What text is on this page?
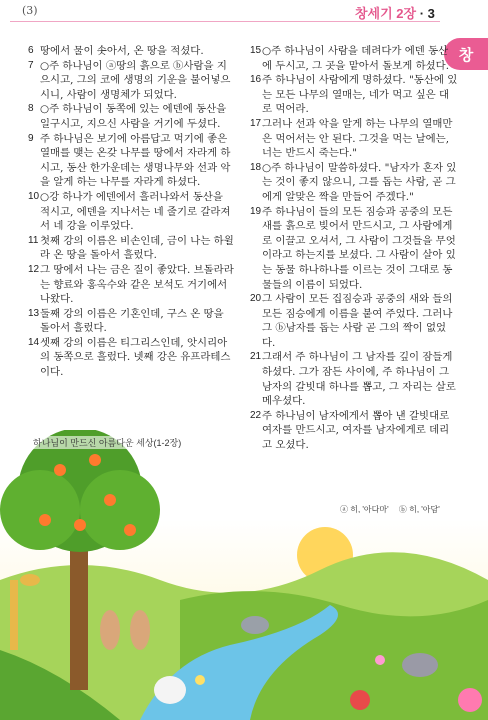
(3)	창세기 2장 · 3
창

6 땅에서 물이 솟아서, 온 땅을 적셨다.

7 ○주 하나님이 ⓐ땅의 흙으로 ⓑ사람을 지으시고, 그의 코에 생명의 기운을 불어넣으시니, 사람이 생명체가 되었다.

8 ○주 하나님이 동쪽에 있는 에덴에 동산을 일구시고, 지으신 사람을 거기에 두셨다.

9 주 하나님은 보기에 아름답고 먹기에 좋은 열매를 맺는 온갖 나무를 땅에서 자라게 하시고, 동산 한가운데는 생명나무와 선과 악을 알게 하는 나무를 자라게 하셨다.

10 ○강 하나가 에덴에서 흘러나와서 동산을 적시고, 에덴을 지나서는 네 줄기로 갈라져서 네 강을 이루었다.

11 첫째 강의 이름은 비손인데, 금이 나는 하윌라 온 땅을 돌아서 흘렀다.

12 그 땅에서 나는 금은 질이 좋았다. 브돌라라는 향료와 홍옥수와 같은 보석도 거기에서 나왔다.

13 둘째 강의 이름은 기혼인데, 구스 온 땅을 돌아서 흘렀다.

14 셋째 강의 이름은 티그리스인데, 앗시리아의 동쪽으로 흘렀다. 넷째 강은 유프라테스이다.

15 ○주 하나님이 사람을 데려다가 에덴 동산에 두시고, 그 곳을 맡아서 돌보게 하셨다.

16 주 하나님이 사람에게 명하셨다. "동산에 있는 모든 나무의 열매는, 네가 먹고 싶은 대로 먹어라.

17 그러나 선과 악을 알게 하는 나무의 열매만은 먹어서는 안 된다. 그것을 먹는 날에는, 너는 반드시 죽는다."

18 ○주 하나님이 말씀하셨다. "남자가 혼자 있는 것이 좋지 않으니, 그를 돕는 사람, 곧 그에게 알맞은 짝을 만들어 주겠다."

19 주 하나님이 들의 모든 짐승과 공중의 모든 새를 흙으로 빚어서 만드시고, 그 사람에게로 이끌고 오셔서, 그 사람이 그것들을 무엇이라고 하는지를 보셨다. 그 사람이 살아 있는 동물 하나하나를 이르는 것이 그대로 동물들의 이름이 되었다.

20 그 사람이 모든 집짐승과 공중의 새와 들의 모든 짐승에게 이름을 붙여 주었다. 그러나 그 ⓑ남자를 돕는 사람 곧 그의 짝이 없었다.

21 그래서 주 하나님이 그 남자를 깊이 잠들게 하셨다. 그가 잠든 사이에, 주 하나님이 그 남자의 갈빗대 하나를 뽑고, 그 자리는 살로 메우셨다.

22 주 하나님이 남자에게서 뽑아 낸 갈빗대로 여자를 만드시고, 여자를 남자에게로 데리고 오셨다.

하나님이 만드신 아름다운 세상(1-2장)
ⓐ 히, '아다마' ⓑ 히, '아담'
